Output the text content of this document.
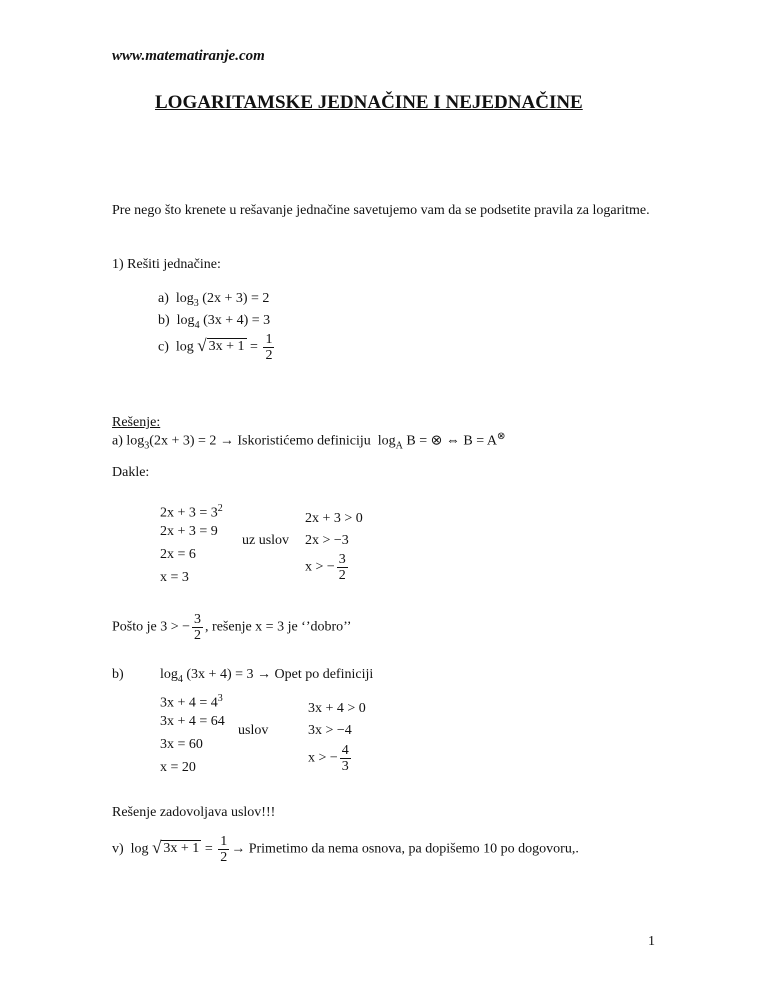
www.matematiranje.com
LOGARITAMSKE JEDNAČINE I NEJEDNAČINE
Pre nego što krenete u rešavanje jednačine savetujemo vam da se podsetite pravila za logaritme.
1) Rešiti jednačine:
a) $\log_3 (2x + 3) = 2$
b) $\log_4 (3x + 4) = 3$
c) log √ $3x + 1 = \frac{1}{2}$
Rešenje:
a) $\log_3(2x + 3) = 2$ → Iskoristićemo definiciju $\log_A B$ = ⊗ ⇔ B = A⊗
Dakle:
$2x + 3 = 3^2$
2x + 3 = 9
2x = 6
x = 3
uz uslov
2x + 3 > 0
2x > −3
x > − $\frac{3}{2}$
Pošto je 3 > − $\frac{3}{2}$ , rešenje x = 3 je ‘’dobro’’
b)	$\log_4 (3x + 4) = 3$ → Opet po definiciji
$3x + 4 = 4^3$
3x + 4 = 64
3x = 60
x = 20
uslov
3x + 4 > 0
3x > −4
x > − $\frac{4}{3}$
Rešenje zadovoljava uslov!!!
v) log √ $3x + 1 = \frac{1}{2}$ → Primetimo da nema osnova, pa dopišemo 10 po dogovoru,.
1
